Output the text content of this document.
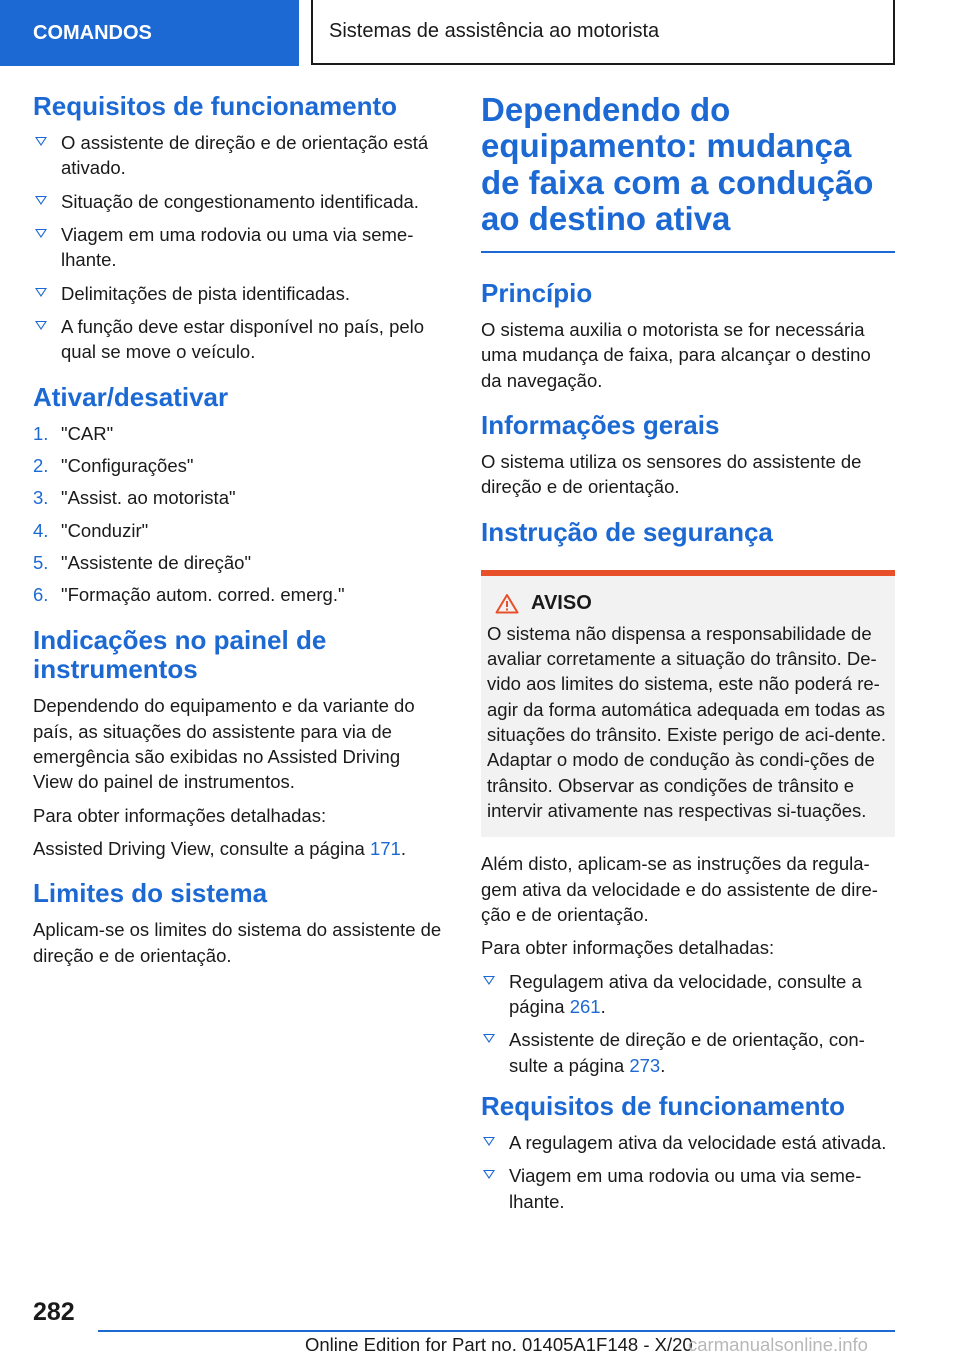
COMANDOS	Sistemas de assistência ao motorista
Requisitos de funcionamento
O assistente de direção e de orientação está ativado.
Situação de congestionamento identificada.
Viagem em uma rodovia ou uma via seme-lhante.
Delimitações de pista identificadas.
A função deve estar disponível no país, pelo qual se move o veículo.
Ativar/desativar
1. "CAR"
2. "Configurações"
3. "Assist. ao motorista"
4. "Conduzir"
5. "Assistente de direção"
6. "Formação autom. corred. emerg."
Indicações no painel de instrumentos

Dependendo do equipamento e da variante do país, as situações do assistente para via de emergência são exibidas no Assisted Driving View do painel de instrumentos.

Para obter informações detalhadas:

Assisted Driving View, consulte a página 171.

Limites do sistema

Aplicam-se os limites do sistema do assistente de direção e de orientação.

Dependendo do equipamento: mudança de faixa com a condução ao destino ativa
Princípio

O sistema auxilia o motorista se for necessária uma mudança de faixa, para alcançar o destino da navegação.

Informações gerais

O sistema utiliza os sensores do assistente de direção e de orientação.

Instrução de segurança
AVISO

O sistema não dispensa a responsabilidade de avaliar corretamente a situação do trânsito. De-vido aos limites do sistema, este não poderá re-agir da forma automática adequada em todas as situações do trânsito. Existe perigo de aci-dente. Adaptar o modo de condução às condi-ções de trânsito. Observar as condições de trânsito e intervir ativamente nas respectivas si-tuações.

Além disto, aplicam-se as instruções da regula-gem ativa da velocidade e do assistente de dire-ção e de orientação.

Para obter informações detalhadas:

Regulagem ativa da velocidade, consulte a página 261.
Assistente de direção e de orientação, con-sulte a página 273.
Requisitos de funcionamento
A regulagem ativa da velocidade está ativada.
Viagem em uma rodovia ou uma via seme-lhante.
282
Online Edition for Part no. 01405A1F148 - X/20
carmanualsonline.info
